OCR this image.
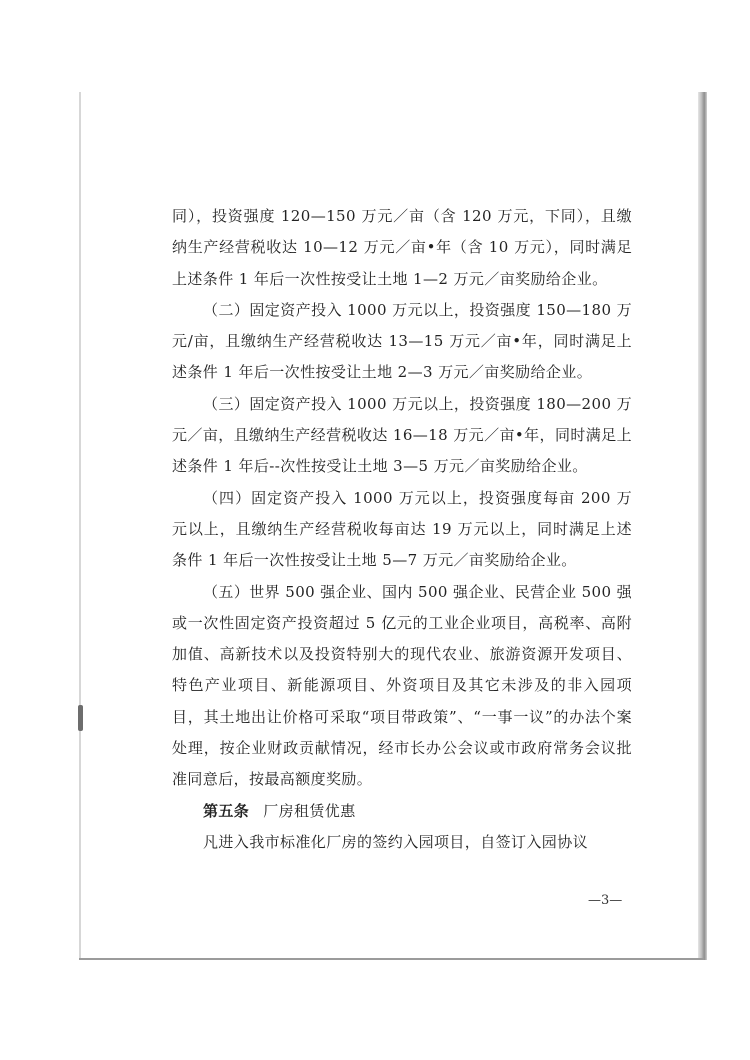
同），投资强度 120—150 万元／亩（含 120 万元，下同），且缴纳生产经营税收达 10—12 万元／亩•年（含 10 万元），同时满足上述条件 1 年后一次性按受让土地 1—2 万元／亩奖励给企业。

（二）固定资产投入 1000 万元以上，投资强度 150—180 万元/亩，且缴纳生产经营税收达 13—15 万元／亩•年，同时满足上述条件 1 年后一次性按受让土地 2—3 万元／亩奖励给企业。

（三）固定资产投入 1000 万元以上，投资强度 180—200 万元／亩，且缴纳生产经营税收达 16—18 万元／亩•年，同时满足上述条件 1 年后--次性按受让土地 3—5 万元／亩奖励给企业。

（四）固定资产投入 1000 万元以上，投资强度每亩 200 万元以上，且缴纳生产经营税收每亩达 19 万元以上，同时满足上述条件 1 年后一次性按受让土地 5—7 万元／亩奖励给企业。

（五）世界 500 强企业、国内 500 强企业、民营企业 500 强或一次性固定资产投资超过 5 亿元的工业企业项目，高税率、高附加值、高新技术以及投资特别大的现代农业、旅游资源开发项目、特色产业项目、新能源项目、外资项目及其它未涉及的非入园项目，其土地出让价格可采取“项目带政策”、“一事一议”的办法个案处理，按企业财政贡献情况，经市长办公会议或市政府常务会议批准同意后，按最高额度奖励。

第五条 厂房租赁优惠

凡进入我市标准化厂房的签约入园项目，自签订入园协议

—3—
